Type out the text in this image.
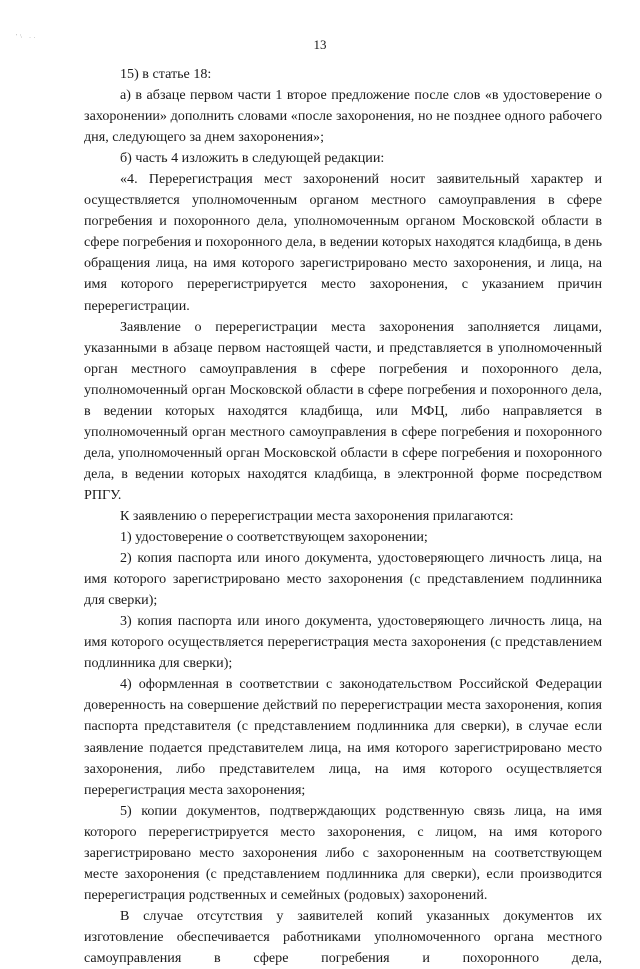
'\ ..	13

15) в статье 18:

а) в абзаце первом части 1 второе предложение после слов «в удостоверение о захоронении» дополнить словами «после захоронения, но не позднее одного рабочего дня, следующего за днем захоронения»;

б) часть 4 изложить в следующей редакции:

«4. Перерегистрация мест захоронений носит заявительный характер и осуществляется уполномоченным органом местного самоуправления в сфере погребения и похоронного дела, уполномоченным органом Московской области в сфере погребения и похоронного дела, в ведении которых находятся кладбища, в день обращения лица, на имя которого зарегистрировано место захоронения, и лица, на имя которого перерегистрируется место захоронения, с указанием причин перерегистрации.

Заявление о перерегистрации места захоронения заполняется лицами, указанными в абзаце первом настоящей части, и представляется в уполномоченный орган местного самоуправления в сфере погребения и похоронного дела, уполномоченный орган Московской области в сфере погребения и похоронного дела, в ведении которых находятся кладбища, или МФЦ, либо направляется в уполномоченный орган местного самоуправления в сфере погребения и похоронного дела, уполномоченный орган Московской области в сфере погребения и похоронного дела, в ведении которых находятся кладбища, в электронной форме посредством РПГУ.

К заявлению о перерегистрации места захоронения прилагаются:

1) удостоверение о соответствующем захоронении;

2) копия паспорта или иного документа, удостоверяющего личность лица, на имя которого зарегистрировано место захоронения (с представлением подлинника для сверки);

3) копия паспорта или иного документа, удостоверяющего личность лица, на имя которого осуществляется перерегистрация места захоронения (с представлением подлинника для сверки);

4) оформленная в соответствии с законодательством Российской Федерации доверенность на совершение действий по перерегистрации места захоронения, копия паспорта представителя (с представлением подлинника для сверки), в случае если заявление подается представителем лица, на имя которого зарегистрировано место захоронения, либо представителем лица, на имя которого осуществляется перерегистрация места захоронения;

5) копии документов, подтверждающих родственную связь лица, на имя которого перерегистрируется место захоронения, с лицом, на имя которого зарегистрировано место захоронения либо с захороненным на соответствующем месте захоронения (с представлением подлинника для сверки), если производится перерегистрация родственных и семейных (родовых) захоронений.

В случае отсутствия у заявителей копий указанных документов их изготовление обеспечивается работниками уполномоченного органа местного самоуправления в сфере погребения и похоронного дела,
